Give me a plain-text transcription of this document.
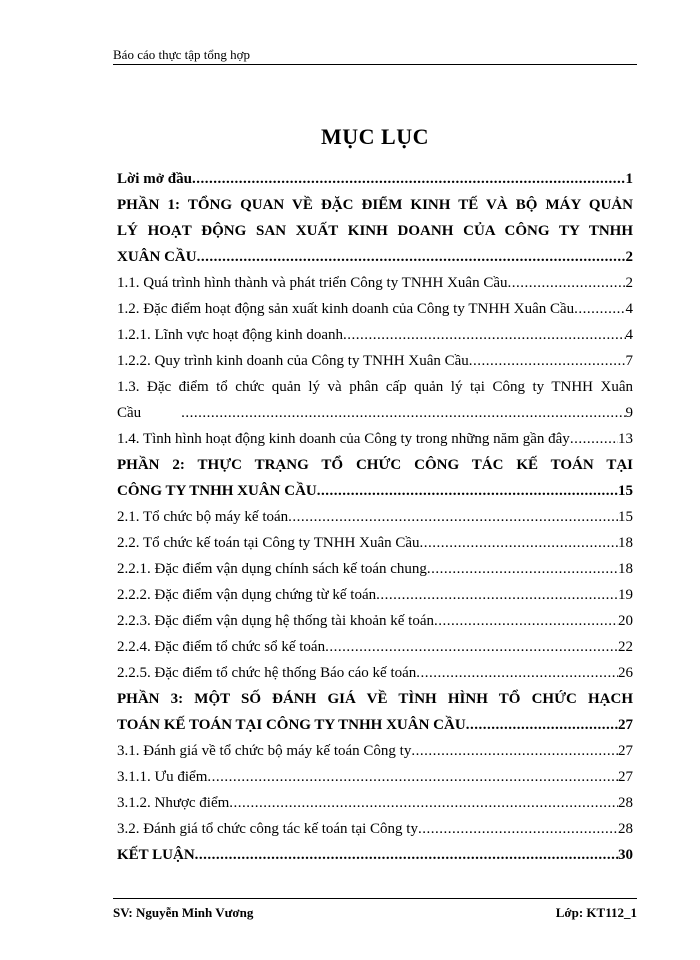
Báo cáo thực tập tổng hợp
MỤC LỤC
Lời mở đầu .....	1
PHẦN 1: TỔNG QUAN VỀ ĐẶC ĐIỂM KINH TẾ VÀ BỘ MÁY QUẢN
LÝ HOẠT ĐỘNG SAN XUẤT KINH DOANH CỦA CÔNG TY TNHH
XUÂN CẦU .....	2
1.1. Quá trình hình thành và phát triển Công ty TNHH Xuân Cầu .....	2
1.2. Đặc điểm hoạt động sản xuất kinh doanh của Công ty TNHH Xuân Cầu .....	4
1.2.1. Lĩnh vực hoạt động kinh doanh .....	4
1.2.2. Quy trình kinh doanh của Công ty TNHH Xuân Cầu .....	7
1.3. Đặc điểm tổ chức quản lý và phân cấp quản lý tại Công ty TNHH Xuân
Cầu .....	9
1.4. Tình hình hoạt động kinh doanh của Công ty trong những năm gần đây .....	13
PHẦN 2: THỰC TRẠNG TỔ CHỨC CÔNG TÁC KẾ TOÁN TẠI
CÔNG TY TNHH XUÂN CẦU .....	15
2.1. Tổ chức bộ máy kế toán .....	15
2.2. Tổ chức kế toán tại Công ty TNHH Xuân Cầu .....	18
2.2.1. Đặc điểm vận dụng chính sách kế toán chung .....	18
2.2.2. Đặc điểm vận dụng chứng từ kế toán .....	19
2.2.3. Đặc điểm vận dụng hệ thống tài khoản kế toán .....	20
2.2.4. Đặc điểm tổ chức sổ kế toán .....	22
2.2.5. Đặc điểm tổ chức hệ thống Báo cáo kế toán .....	26
PHẦN 3: MỘT SỐ ĐÁNH GIÁ VỀ TÌNH HÌNH TỔ CHỨC HẠCH
TOÁN KẾ TOÁN TẠI CÔNG TY TNHH XUÂN CẦU .....	27
3.1. Đánh giá về tổ chức bộ máy kế toán Công ty .....	27
3.1.1. Ưu điểm .....	27
3.1.2. Nhược điểm .....	28
3.2. Đánh giá tổ chức công tác kế toán tại Công ty .....	28
KẾT LUẬN .....	30
SV: Nguyễn Minh Vương	Lớp: KT112_1
